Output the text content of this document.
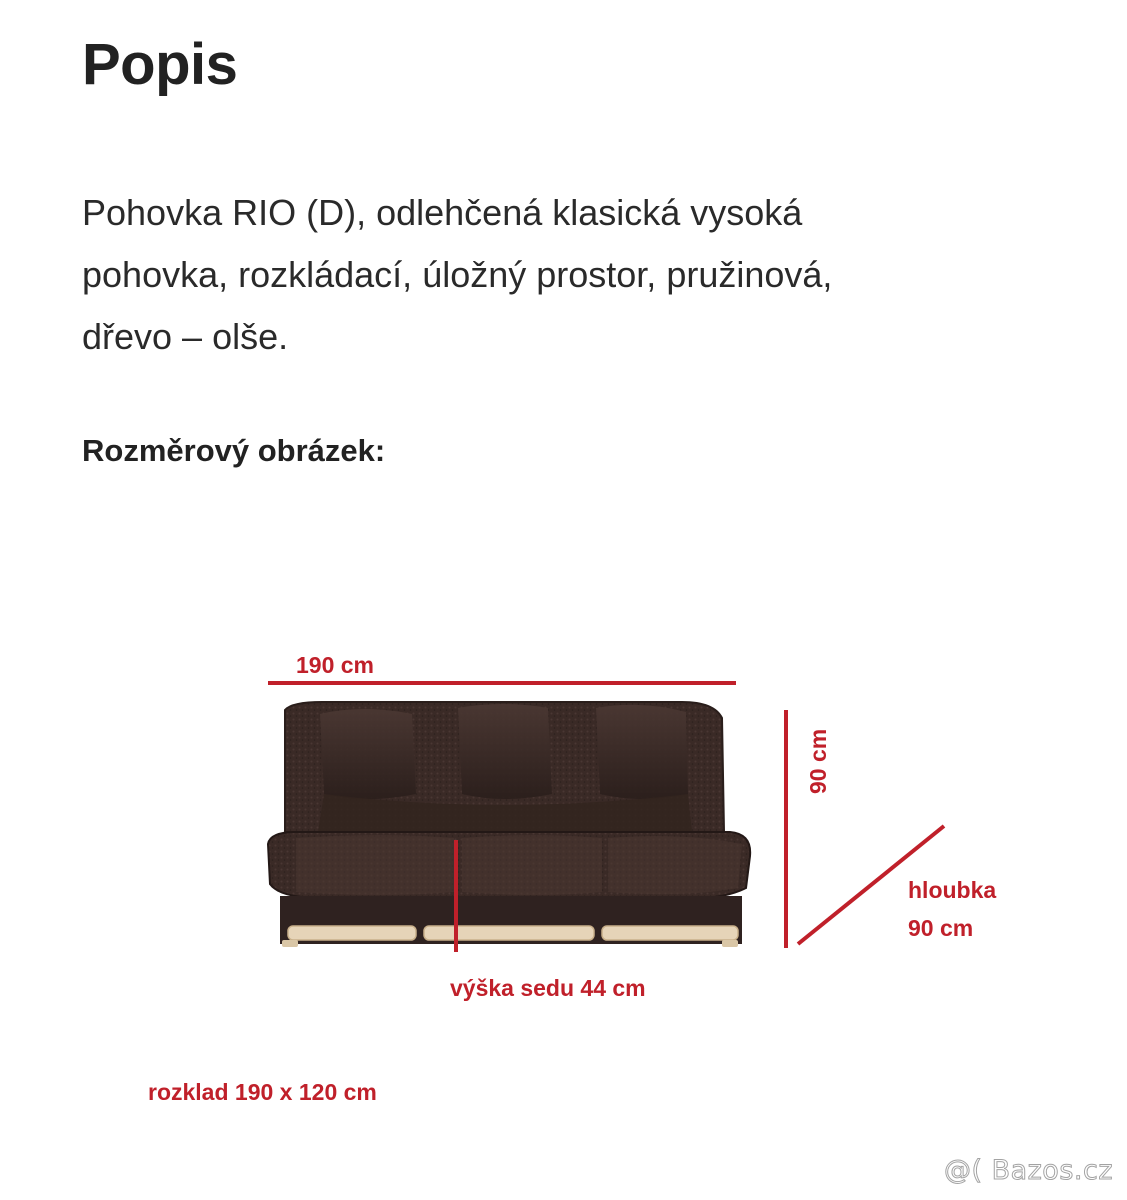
Popis

Pohovka RIO (D), odlehčená klasická vysoká
pohovka, rozkládací, úložný prostor, pružinová,
dřevo – olše.

Rozměrový obrázek:
190 cm
výška sedu 44 cm
90 cm
hloubka
90 cm
rozklad 190 x 120 cm
@( Bazos.cz
